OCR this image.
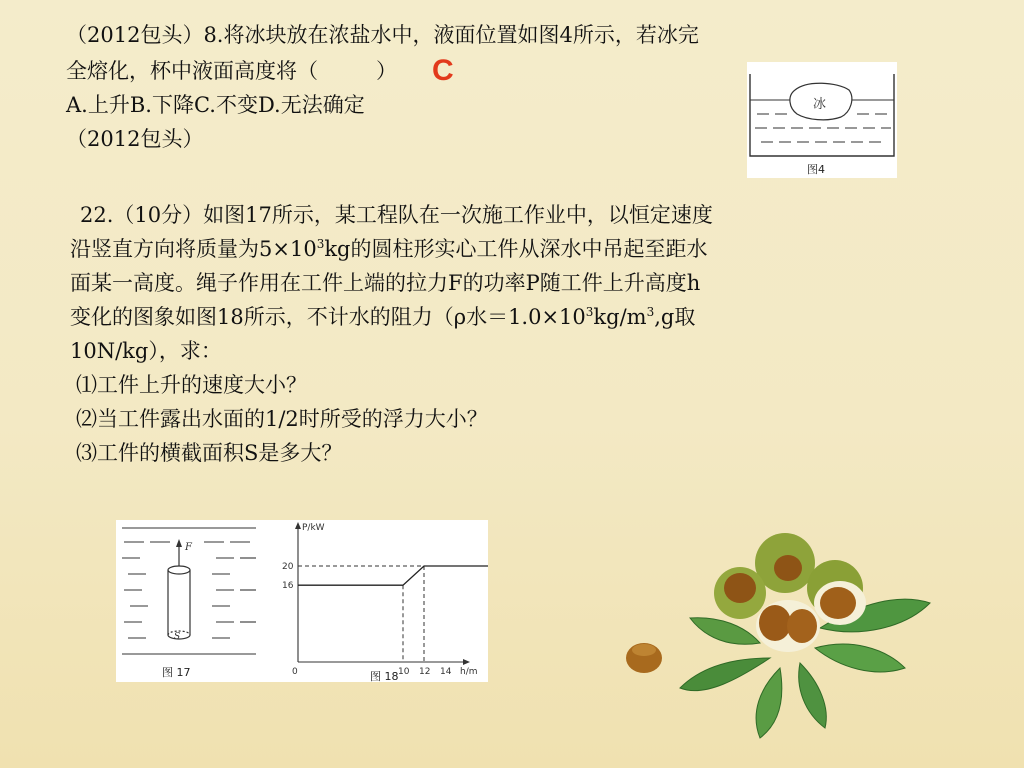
（2012包头）8.将冰块放在浓盐水中，液面位置如图4所示，若冰完
全熔化，杯中液面高度将（	） C
A.上升B.下降C.不变D.无法确定
（2012包头）
冰
图4
22.（10分）如图17所示，某工程队在一次施工作业中，以恒定速度
沿竖直方向将质量为$5\times 10^3kg$的圆柱形实心工件从深水中吊起至距水
面某一高度。绳子作用在工件上端的拉力F的功率P随工件上升高度h
变化的图象如图18所示，不计水的阻力（ρ水$=1.0\times 10^3kg/m^3,g$取
10N/kg），求：
⑴工件上升的速度大小？
⑵当工件露出水面的1/2时所受的浮力大小？
⑶工件的横截面积S是多大？
F
S
图 17
P/kW
h/m
0	10 12 14
16
20
图 18
